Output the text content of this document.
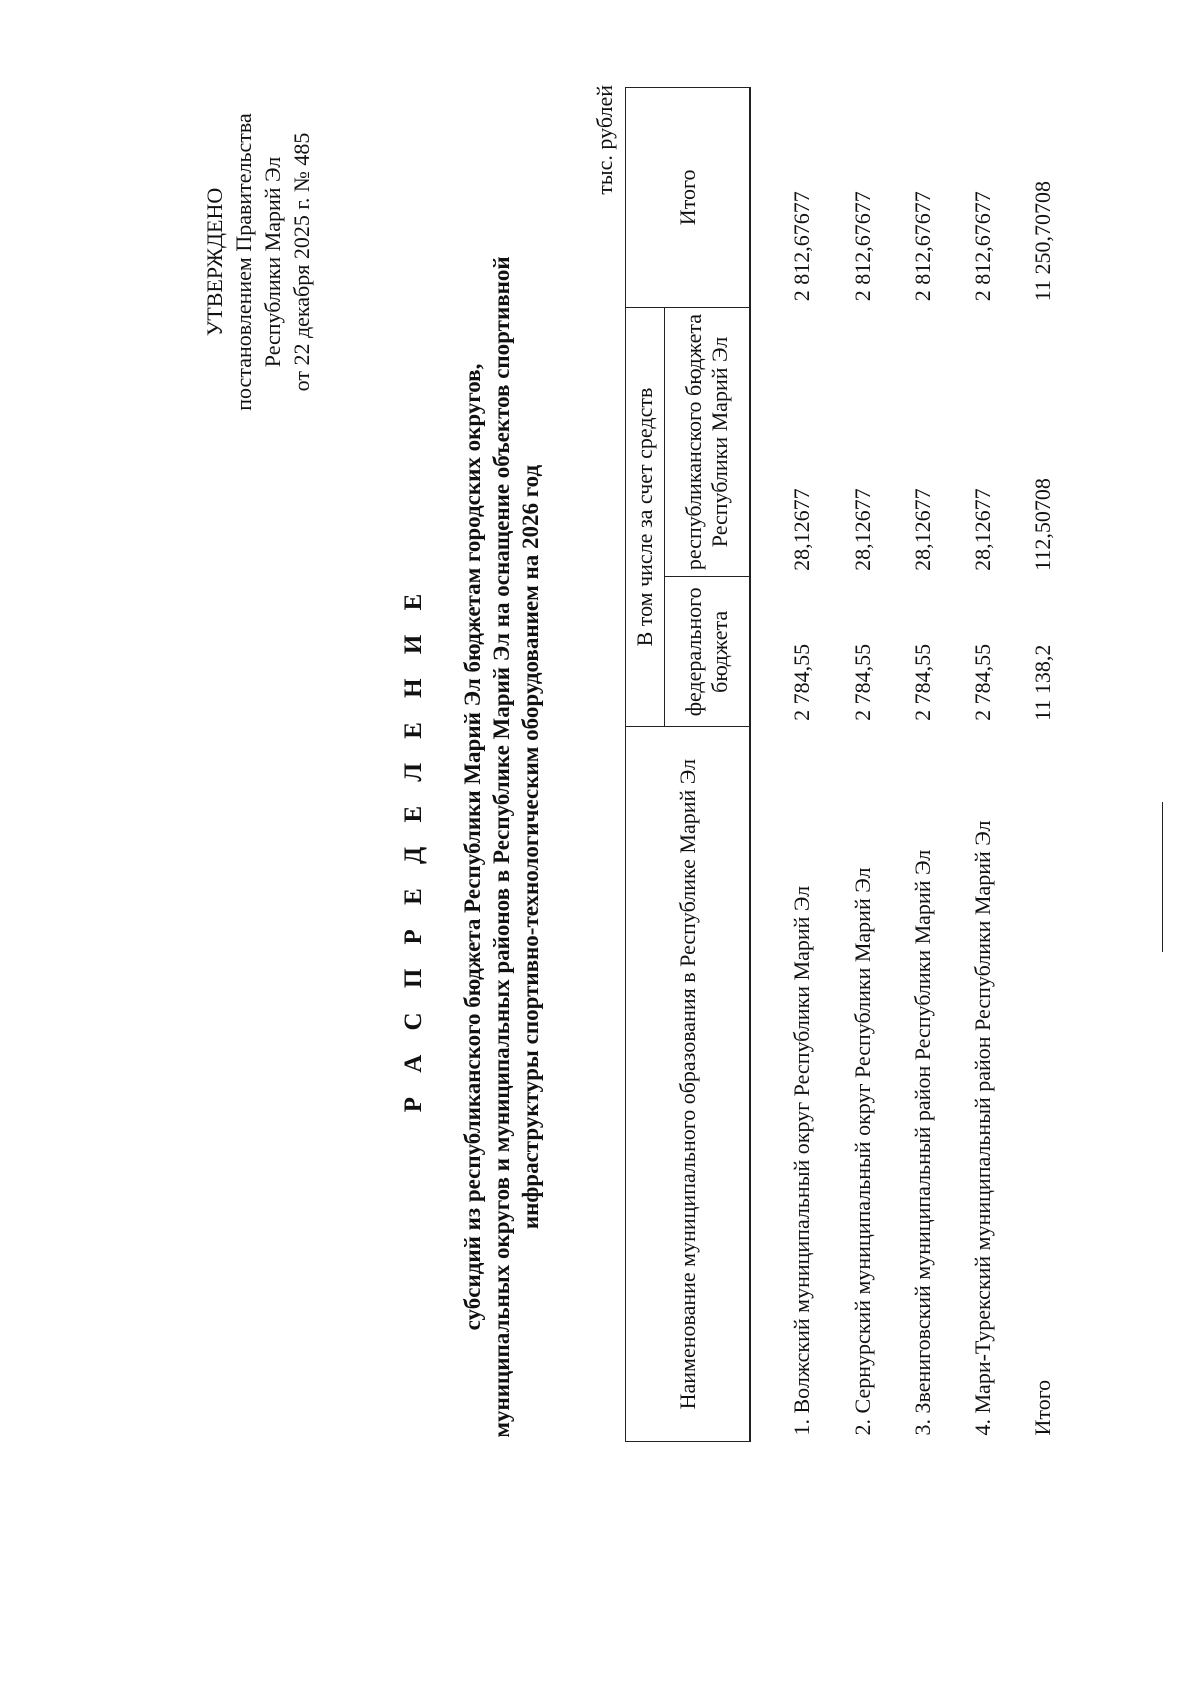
УТВЕРЖДЕНО постановлением Правительства Республики Марий Эл от 22 декабря 2025 г. № 485
Р А С П Р Е Д Е Л Е Н И Е субсидий из республиканского бюджета Республики Марий Эл бюджетам городских округов, муниципальных округов и муниципальных районов в Республике Марий Эл на оснащение объектов спортивной инфраструктуры спортивно-технологическим оборудованием на 2026 год
тыс. рублей
Наименование муниципального образования в Республике Марий Эл	В том числе за счет средств		Итого
	федерального бюджета	республиканского бюджета Республики Марий Эл	
1. Волжский муниципальный округ Республики Марий Эл	2 784,55	28,12677	2 812,67677
2. Сернурский муниципальный округ Республики Марий Эл	2 784,55	28,12677	2 812,67677
3. Звениговский муниципальный район Республики Марий Эл	2 784,55	28,12677	2 812,67677
4. Мари-Турекский муниципальный район Республики Марий Эл	2 784,55	28,12677	2 812,67677
Итого	11 138,2	112,50708	11 250,70708
